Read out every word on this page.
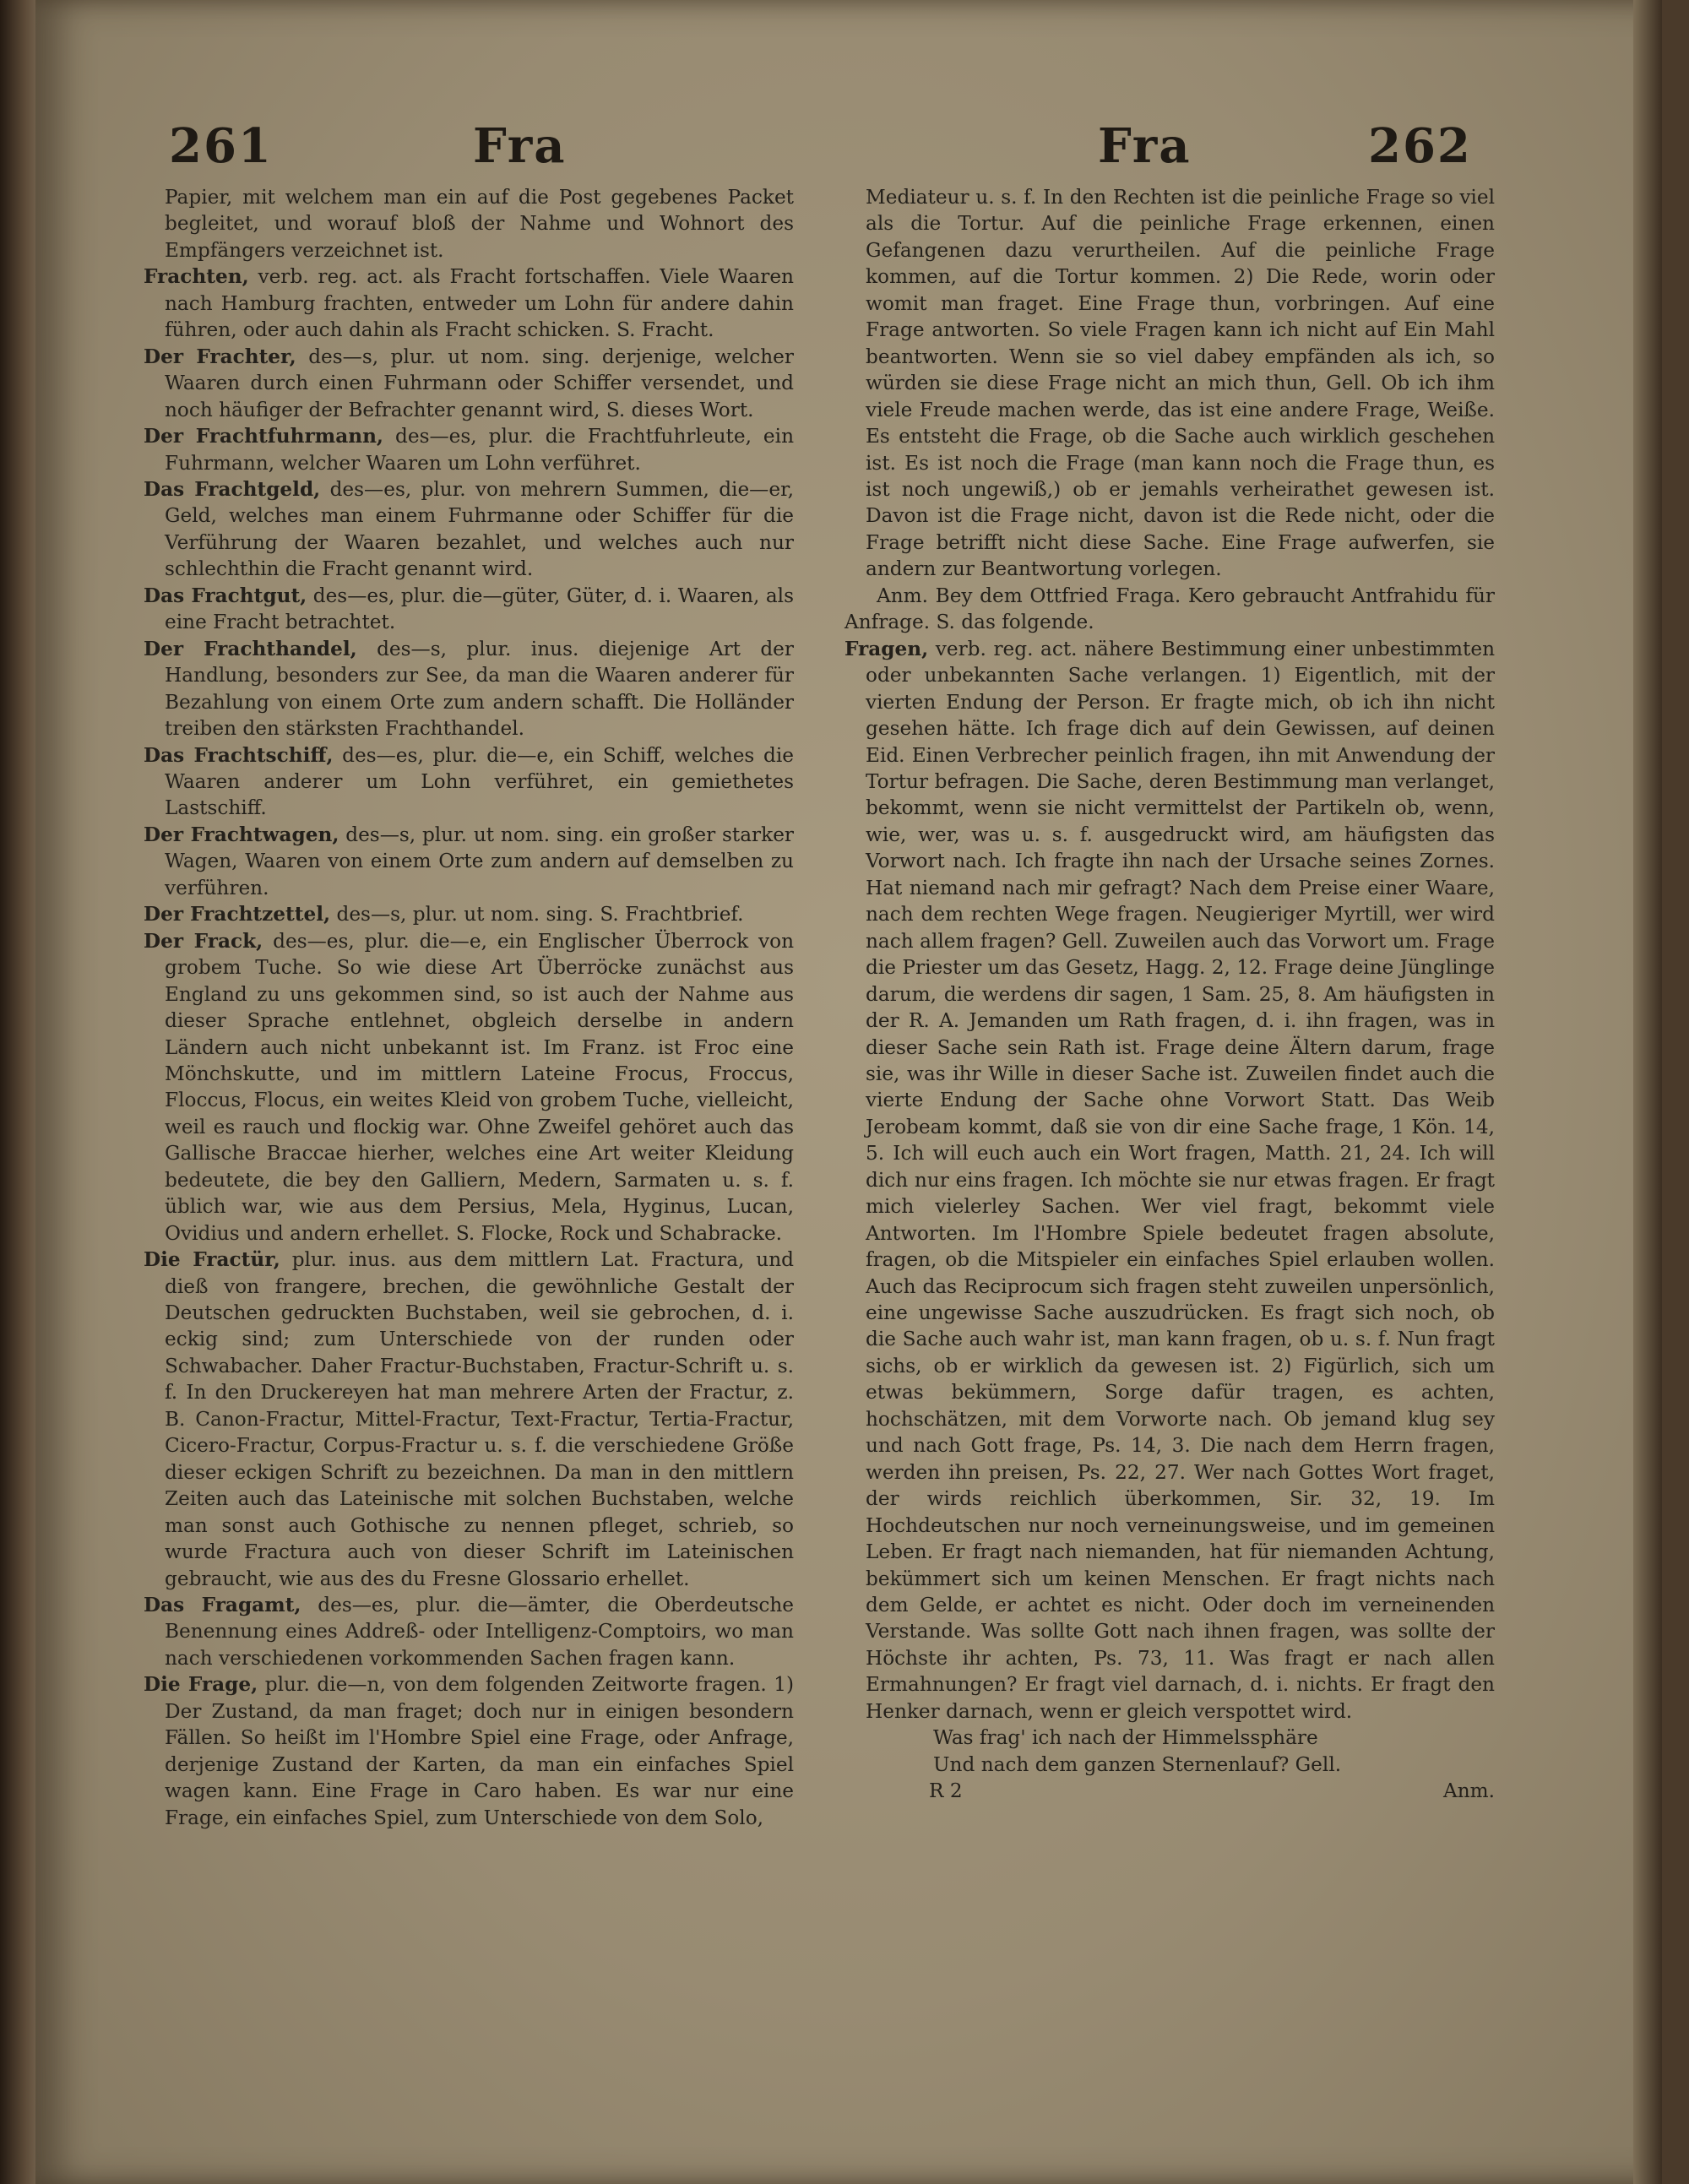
261	Fra	Fra	262

Papier, mit welchem man ein auf die Post gegebenes Packet begleitet, und worauf bloß der Nahme und Wohnort des Empfängers verzeichnet ist.

Frachten, verb. reg. act. als Fracht fortschaffen. Viele Waaren nach Hamburg frachten, entweder um Lohn für andere dahin führen, oder auch dahin als Fracht schicken. S. Fracht.

Der Frachter, des—s, plur. ut nom. sing. derjenige, welcher Waaren durch einen Fuhrmann oder Schiffer versendet, und noch häufiger der Befrachter genannt wird, S. dieses Wort.

Der Frachtfuhrmann, des—es, plur. die Frachtfuhrleute, ein Fuhrmann, welcher Waaren um Lohn verführet.

Das Frachtgeld, des—es, plur. von mehrern Summen, die—er, Geld, welches man einem Fuhrmanne oder Schiffer für die Verführung der Waaren bezahlet, und welches auch nur schlechthin die Fracht genannt wird.

Das Frachtgut, des—es, plur. die—güter, Güter, d. i. Waaren, als eine Fracht betrachtet.

Der Frachthandel, des—s, plur. inus. diejenige Art der Handlung, besonders zur See, da man die Waaren anderer für Bezahlung von einem Orte zum andern schafft. Die Holländer treiben den stärksten Frachthandel.

Das Frachtschiff, des—es, plur. die—e, ein Schiff, welches die Waaren anderer um Lohn verführet, ein gemiethetes Lastschiff.

Der Frachtwagen, des—s, plur. ut nom. sing. ein großer starker Wagen, Waaren von einem Orte zum andern auf demselben zu verführen.

Der Frachtzettel, des—s, plur. ut nom. sing. S. Frachtbrief.

Der Frack, des—es, plur. die—e, ein Englischer Überrock von grobem Tuche. So wie diese Art Überröcke zunächst aus England zu uns gekommen sind, so ist auch der Nahme aus dieser Sprache entlehnet, obgleich derselbe in andern Ländern auch nicht unbekannt ist. Im Franz. ist Froc eine Mönchskutte, und im mittlern Lateine Frocus, Froccus, Floccus, Flocus, ein weites Kleid von grobem Tuche, vielleicht, weil es rauch und flockig war. Ohne Zweifel gehöret auch das Gallische Braccae hierher, welches eine Art weiter Kleidung bedeutete, die bey den Galliern, Medern, Sarmaten u. s. f. üblich war, wie aus dem Persius, Mela, Hyginus, Lucan, Ovidius und andern erhellet. S. Flocke, Rock und Schabracke.

Die Fractür, plur. inus. aus dem mittlern Lat. Fractura, und dieß von frangere, brechen, die gewöhnliche Gestalt der Deutschen gedruckten Buchstaben, weil sie gebrochen, d. i. eckig sind; zum Unterschiede von der runden oder Schwabacher. Daher Fractur-Buchstaben, Fractur-Schrift u. s. f. In den Druckereyen hat man mehrere Arten der Fractur, z. B. Canon-Fractur, Mittel-Fractur, Text-Fractur, Tertia-Fractur, Cicero-Fractur, Corpus-Fractur u. s. f. die verschiedene Größe dieser eckigen Schrift zu bezeichnen. Da man in den mittlern Zeiten auch das Lateinische mit solchen Buchstaben, welche man sonst auch Gothische zu nennen pfleget, schrieb, so wurde Fractura auch von dieser Schrift im Lateinischen gebraucht, wie aus des du Fresne Glossario erhellet.

Das Fragamt, des—es, plur. die—ämter, die Oberdeutsche Benennung eines Addreß- oder Intelligenz-Comptoirs, wo man nach verschiedenen vorkommenden Sachen fragen kann.

Die Frage, plur. die—n, von dem folgenden Zeitworte fragen. 1) Der Zustand, da man fraget; doch nur in einigen besondern Fällen. So heißt im l'Hombre Spiel eine Frage, oder Anfrage, derjenige Zustand der Karten, da man ein einfaches Spiel wagen kann. Eine Frage in Caro haben. Es war nur eine Frage, ein einfaches Spiel, zum Unterschiede von dem Solo,

Mediateur u. s. f. In den Rechten ist die peinliche Frage so viel als die Tortur. Auf die peinliche Frage erkennen, einen Gefangenen dazu verurtheilen. Auf die peinliche Frage kommen, auf die Tortur kommen. 2) Die Rede, worin oder womit man fraget. Eine Frage thun, vorbringen. Auf eine Frage antworten. So viele Fragen kann ich nicht auf Ein Mahl beantworten. Wenn sie so viel dabey empfänden als ich, so würden sie diese Frage nicht an mich thun, Gell. Ob ich ihm viele Freude machen werde, das ist eine andere Frage, Weiße. Es entsteht die Frage, ob die Sache auch wirklich geschehen ist. Es ist noch die Frage (man kann noch die Frage thun, es ist noch ungewiß,) ob er jemahls verheirathet gewesen ist. Davon ist die Frage nicht, davon ist die Rede nicht, oder die Frage betrifft nicht diese Sache. Eine Frage aufwerfen, sie andern zur Beantwortung vorlegen.

Anm. Bey dem Ottfried Fraga. Kero gebraucht Antfrahidu für Anfrage. S. das folgende.

Fragen, verb. reg. act. nähere Bestimmung einer unbestimmten oder unbekannten Sache verlangen. 1) Eigentlich, mit der vierten Endung der Person. Er fragte mich, ob ich ihn nicht gesehen hätte. Ich frage dich auf dein Gewissen, auf deinen Eid. Einen Verbrecher peinlich fragen, ihn mit Anwendung der Tortur befragen. Die Sache, deren Bestimmung man verlanget, bekommt, wenn sie nicht vermittelst der Partikeln ob, wenn, wie, wer, was u. s. f. ausgedruckt wird, am häufigsten das Vorwort nach. Ich fragte ihn nach der Ursache seines Zornes. Hat niemand nach mir gefragt? Nach dem Preise einer Waare, nach dem rechten Wege fragen. Neugieriger Myrtill, wer wird nach allem fragen? Gell. Zuweilen auch das Vorwort um. Frage die Priester um das Gesetz, Hagg. 2, 12. Frage deine Jünglinge darum, die werdens dir sagen, 1 Sam. 25, 8. Am häufigsten in der R. A. Jemanden um Rath fragen, d. i. ihn fragen, was in dieser Sache sein Rath ist. Frage deine Ältern darum, frage sie, was ihr Wille in dieser Sache ist. Zuweilen findet auch die vierte Endung der Sache ohne Vorwort Statt. Das Weib Jerobeam kommt, daß sie von dir eine Sache frage, 1 Kön. 14, 5. Ich will euch auch ein Wort fragen, Matth. 21, 24. Ich will dich nur eins fragen. Ich möchte sie nur etwas fragen. Er fragt mich vielerley Sachen. Wer viel fragt, bekommt viele Antworten. Im l'Hombre Spiele bedeutet fragen absolute, fragen, ob die Mitspieler ein einfaches Spiel erlauben wollen. Auch das Reciprocum sich fragen steht zuweilen unpersönlich, eine ungewisse Sache auszudrücken. Es fragt sich noch, ob die Sache auch wahr ist, man kann fragen, ob u. s. f. Nun fragt sichs, ob er wirklich da gewesen ist. 2) Figürlich, sich um etwas bekümmern, Sorge dafür tragen, es achten, hochschätzen, mit dem Vorworte nach. Ob jemand klug sey und nach Gott frage, Ps. 14, 3. Die nach dem Herrn fragen, werden ihn preisen, Ps. 22, 27. Wer nach Gottes Wort fraget, der wirds reichlich überkommen, Sir. 32, 19. Im Hochdeutschen nur noch verneinungsweise, und im gemeinen Leben. Er fragt nach niemanden, hat für niemanden Achtung, bekümmert sich um keinen Menschen. Er fragt nichts nach dem Gelde, er achtet es nicht. Oder doch im verneinenden Verstande. Was sollte Gott nach ihnen fragen, was sollte der Höchste ihr achten, Ps. 73, 11. Was fragt er nach allen Ermahnungen? Er fragt viel darnach, d. i. nichts. Er fragt den Henker darnach, wenn er gleich verspottet wird.

Was frag' ich nach der Himmelssphäre

Und nach dem ganzen Sternenlauf? Gell.

R 2	Anm.
